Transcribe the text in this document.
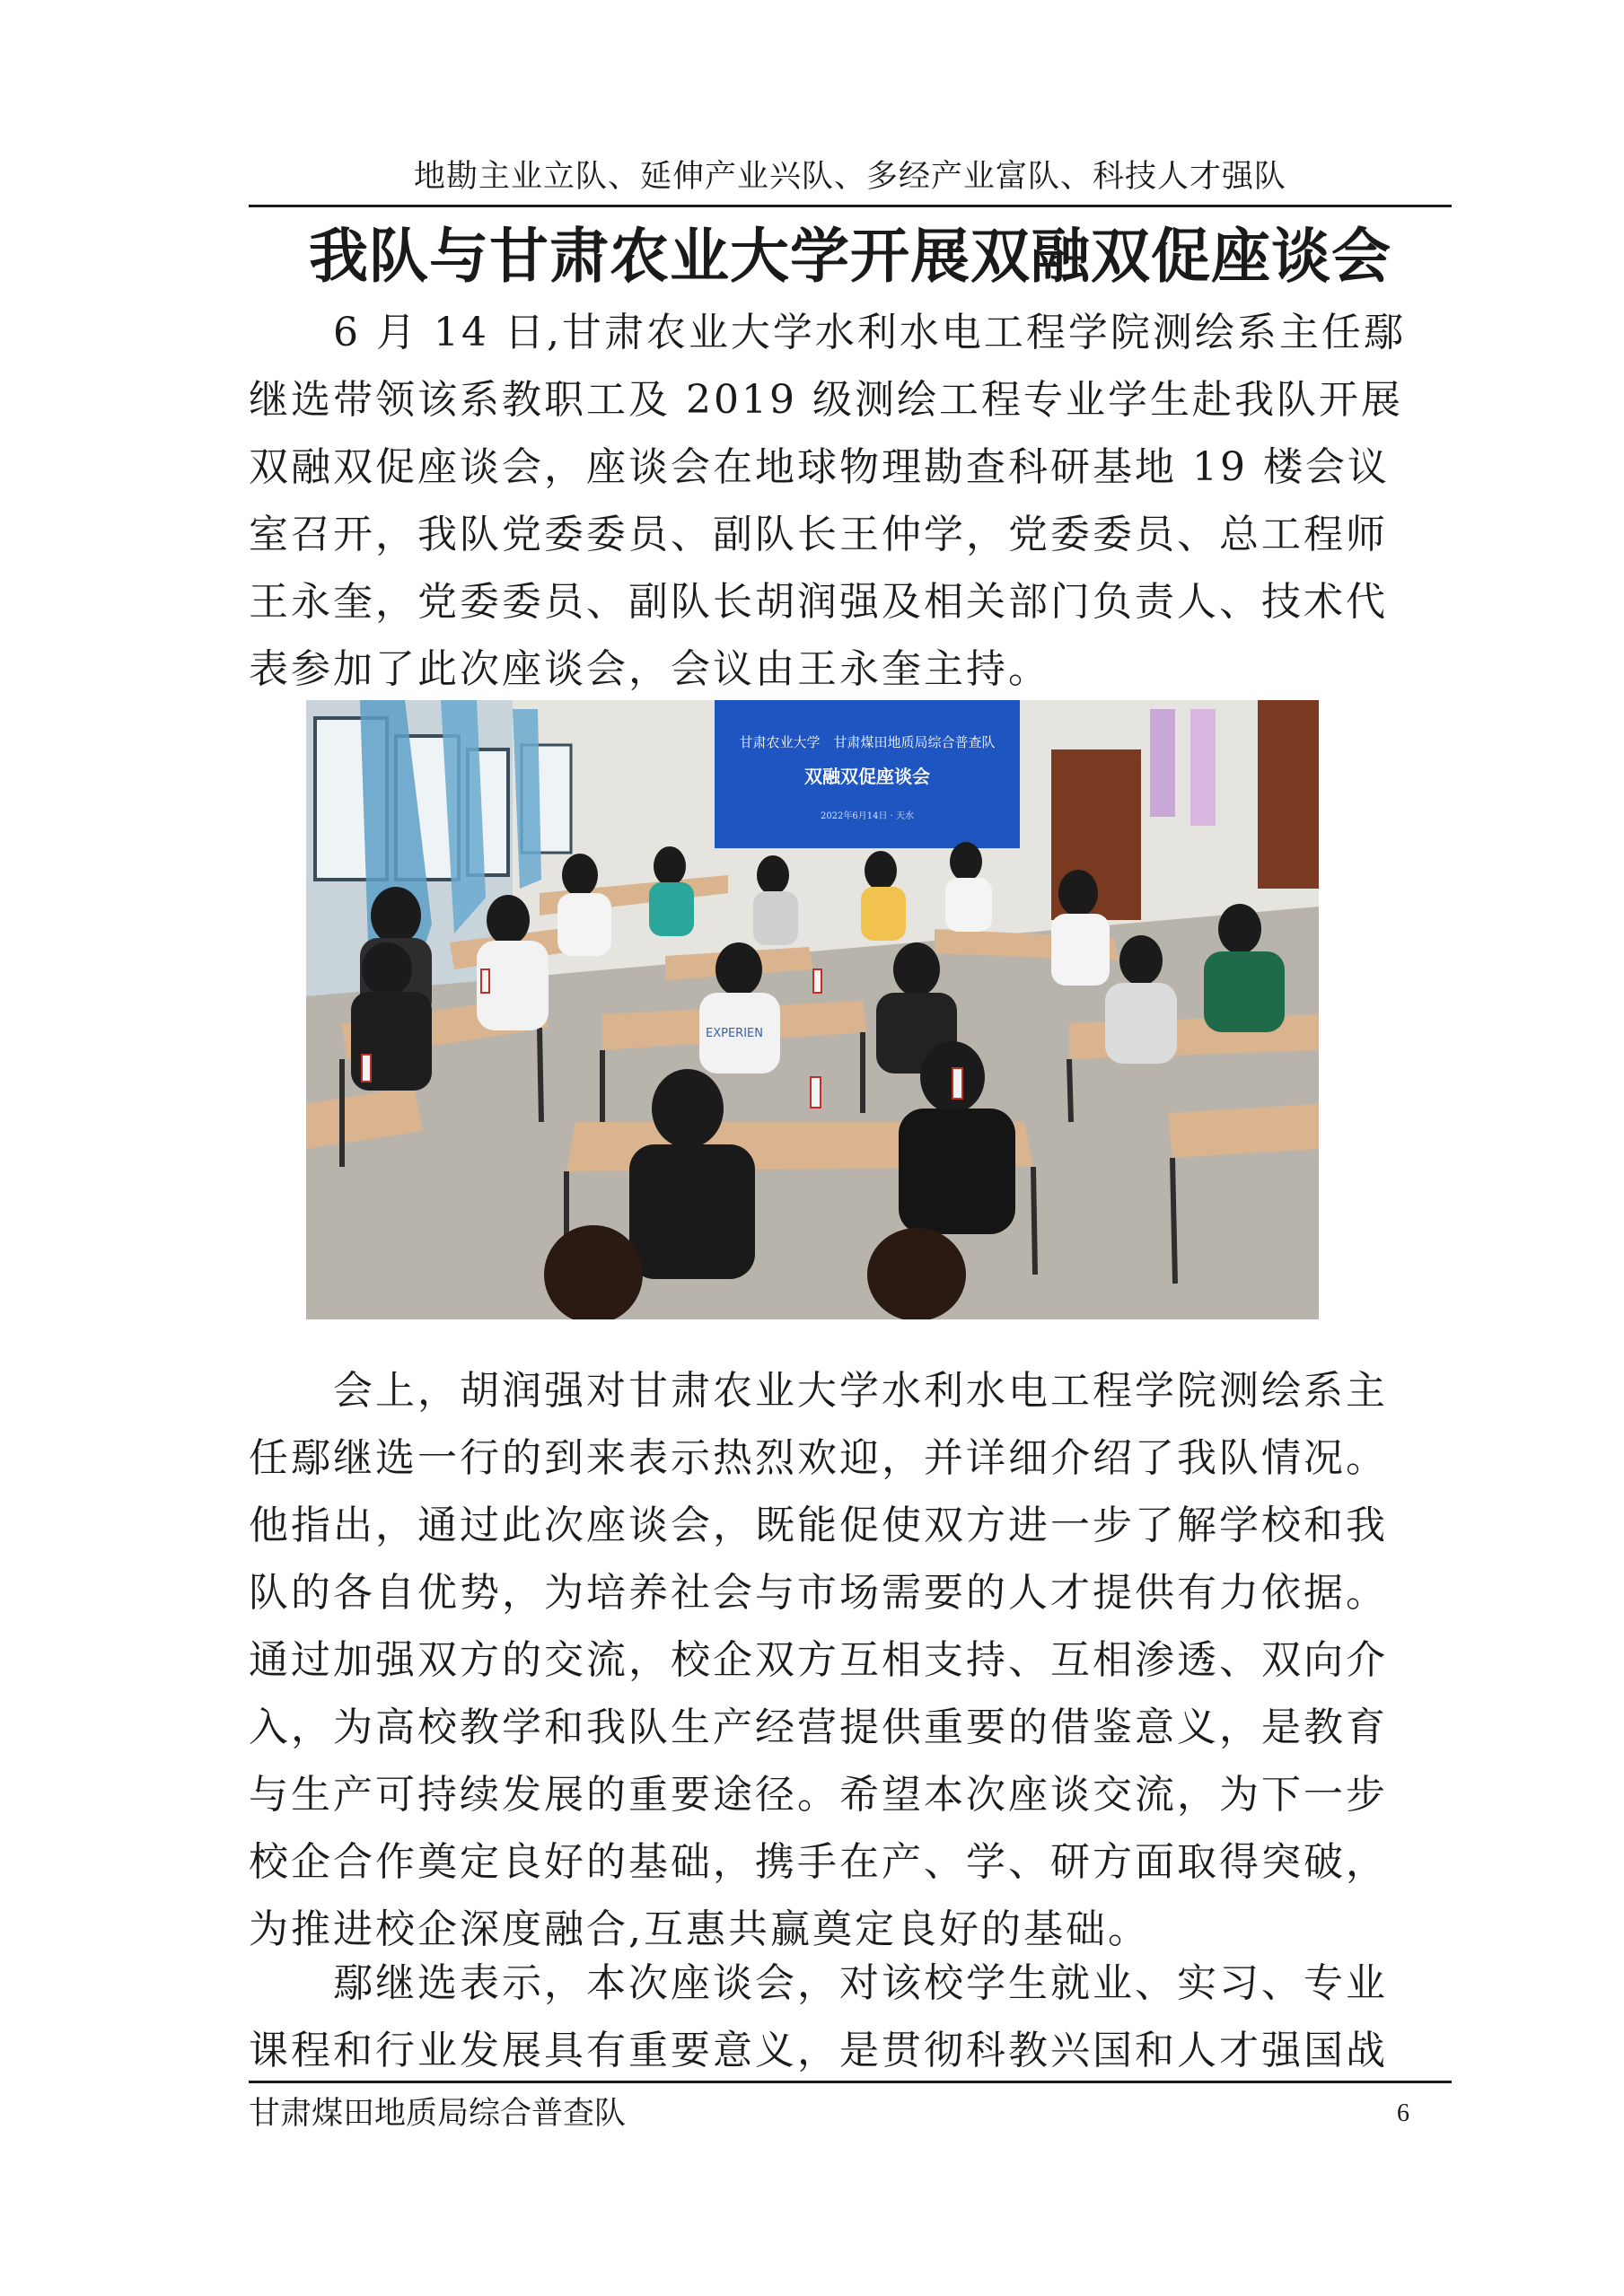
地勘主业立队、延伸产业兴队、多经产业富队、科技人才强队
我队与甘肃农业大学开展双融双促座谈会
　　6 月 14 日,甘肃农业大学水利水电工程学院测绘系主任鄢
继选带领该系教职工及 2019 级测绘工程专业学生赴我队开展
双融双促座谈会，座谈会在地球物理勘查科研基地 19 楼会议
室召开，我队党委委员、副队长王仲学，党委委员、总工程师
王永奎，党委委员、副队长胡润强及相关部门负责人、技术代
表参加了此次座谈会，会议由王永奎主持。
甘肃农业大学　甘肃煤田地质局综合普查队
双融双促座谈会
2022年6月14日 · 天水
EXPERIEN
　　会上，胡润强对甘肃农业大学水利水电工程学院测绘系主
任鄢继选一行的到来表示热烈欢迎，并详细介绍了我队情况。
他指出，通过此次座谈会，既能促使双方进一步了解学校和我
队的各自优势，为培养社会与市场需要的人才提供有力依据。
通过加强双方的交流，校企双方互相支持、互相渗透、双向介
入，为高校教学和我队生产经营提供重要的借鉴意义，是教育
与生产可持续发展的重要途径。希望本次座谈交流，为下一步
校企合作奠定良好的基础，携手在产、学、研方面取得突破，
为推进校企深度融合,互惠共赢奠定良好的基础。
　　鄢继选表示，本次座谈会，对该校学生就业、实习、专业
课程和行业发展具有重要意义，是贯彻科教兴国和人才强国战
甘肃煤田地质局综合普查队	6
